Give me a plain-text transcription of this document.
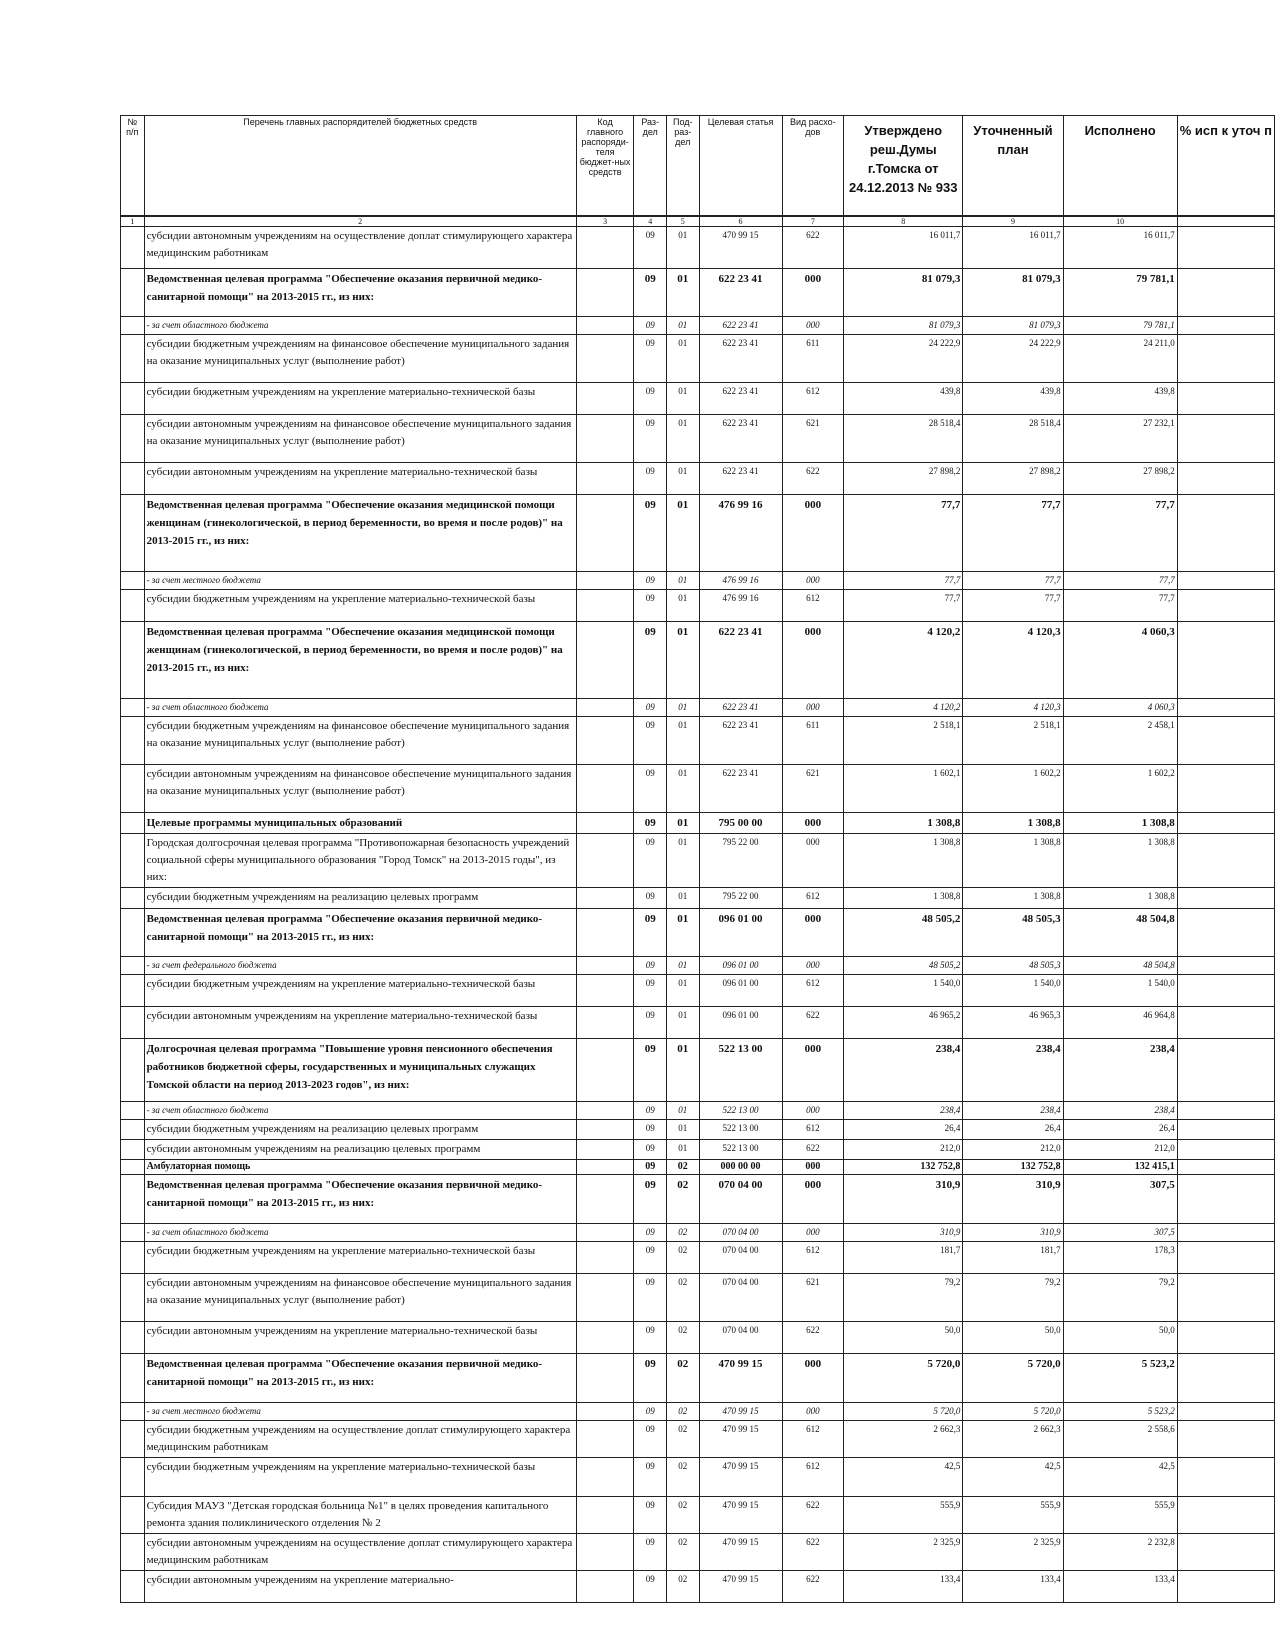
№ п/п	Перечень главных распорядителей бюджетных средств	Код главного распоряди-теля бюджет-ных средств	Раз-дел	Под-раз-дел	Целевая статья	Вид расхо-дов	Утверждено реш.Думы г.Томска от 24.12.2013 № 933	Уточненный план	Исполнено	% исп к уточ п
1	2	3	4	5	6	7	8	9	10	
	субсидии автономным учреждениям на осуществление доплат стимулирующего характера медицинским работникам		09	01	470 99 15	622	16 011,7	16 011,7	16 011,7	
	Ведомственная целевая программа "Обеспечение оказания первичной медико-санитарной помощи" на 2013-2015 гг., из них:		09	01	622 23 41	000	81 079,3	81 079,3	79 781,1	
	- за счет областного бюджета		09	01	622 23 41	000	81 079,3	81 079,3	79 781,1	
	субсидии бюджетным учреждениям на финансовое обеспечение муниципального задания на оказание муниципальных услуг (выполнение работ)		09	01	622 23 41	611	24 222,9	24 222,9	24 211,0	
	субсидии бюджетным учреждениям на укрепление материально-технической базы		09	01	622 23 41	612	439,8	439,8	439,8	
	субсидии автономным учреждениям на финансовое обеспечение муниципального задания на оказание муниципальных услуг (выполнение работ)		09	01	622 23 41	621	28 518,4	28 518,4	27 232,1	
	субсидии автономным учреждениям на укрепление материально-технической базы		09	01	622 23 41	622	27 898,2	27 898,2	27 898,2	
	Ведомственная целевая программа "Обеспечение оказания медицинской помощи женщинам (гинекологической, в период беременности, во время и после родов)" на 2013-2015 гг., из них:		09	01	476 99 16	000	77,7	77,7	77,7	
	- за счет местного бюджета		09	01	476 99 16	000	77,7	77,7	77,7	
	субсидии бюджетным учреждениям на укрепление материально-технической базы		09	01	476 99 16	612	77,7	77,7	77,7	
	Ведомственная целевая программа "Обеспечение оказания медицинской помощи женщинам (гинекологической, в период беременности, во время и после родов)" на 2013-2015 гг., из них:		09	01	622 23 41	000	4 120,2	4 120,3	4 060,3	
	- за счет областного бюджета		09	01	622 23 41	000	4 120,2	4 120,3	4 060,3	
	субсидии бюджетным учреждениям на финансовое обеспечение муниципального задания на оказание муниципальных услуг (выполнение работ)		09	01	622 23 41	611	2 518,1	2 518,1	2 458,1	
	субсидии автономным учреждениям на финансовое обеспечение муниципального задания на оказание муниципальных услуг (выполнение работ)		09	01	622 23 41	621	1 602,1	1 602,2	1 602,2	
	Целевые программы муниципальных образований		09	01	795 00 00	000	1 308,8	1 308,8	1 308,8	
	Городская долгосрочная целевая программа "Противопожарная безопасность учреждений социальной сферы муниципального образования "Город Томск" на 2013-2015 годы", из них:		09	01	795 22 00	000	1 308,8	1 308,8	1 308,8	
	субсидии бюджетным учреждениям на реализацию целевых программ		09	01	795 22 00	612	1 308,8	1 308,8	1 308,8	
	Ведомственная целевая программа "Обеспечение оказания первичной медико-санитарной помощи" на 2013-2015 гг., из них:		09	01	096 01 00	000	48 505,2	48 505,3	48 504,8	
	- за счет федерального бюджета		09	01	096 01 00	000	48 505,2	48 505,3	48 504,8	
	субсидии бюджетным учреждениям на укрепление материально-технической базы		09	01	096 01 00	612	1 540,0	1 540,0	1 540,0	
	субсидии автономным учреждениям на укрепление материально-технической базы		09	01	096 01 00	622	46 965,2	46 965,3	46 964,8	
	Долгосрочная целевая программа "Повышение уровня пенсионного обеспечения работников бюджетной сферы, государственных и муниципальных служащих Томской области на период 2013-2023 годов", из них:		09	01	522 13 00	000	238,4	238,4	238,4	
	- за счет областного бюджета		09	01	522 13 00	000	238,4	238,4	238,4	
	субсидии бюджетным учреждениям на реализацию целевых программ		09	01	522 13 00	612	26,4	26,4	26,4	
	субсидии автономным учреждениям на реализацию целевых программ		09	01	522 13 00	622	212,0	212,0	212,0	
	Амбулаторная помощь		09	02	000 00 00	000	132 752,8	132 752,8	132 415,1	
	Ведомственная целевая программа "Обеспечение оказания первичной медико-санитарной помощи" на 2013-2015 гг., из них:		09	02	070 04 00	000	310,9	310,9	307,5	
	- за счет областного бюджета		09	02	070 04 00	000	310,9	310,9	307,5	
	субсидии бюджетным учреждениям на укрепление материально-технической базы		09	02	070 04 00	612	181,7	181,7	178,3	
	субсидии автономным учреждениям на финансовое обеспечение муниципального задания на оказание муниципальных услуг (выполнение работ)		09	02	070 04 00	621	79,2	79,2	79,2	
	субсидии автономным учреждениям на укрепление материально-технической базы		09	02	070 04 00	622	50,0	50,0	50,0	
	Ведомственная целевая программа "Обеспечение оказания первичной медико-санитарной помощи" на 2013-2015 гг., из них:		09	02	470 99 15	000	5 720,0	5 720,0	5 523,2	
	- за счет местного бюджета		09	02	470 99 15	000	5 720,0	5 720,0	5 523,2	
	субсидии бюджетным учреждениям на осуществление доплат стимулирующего характера медицинским работникам		09	02	470 99 15	612	2 662,3	2 662,3	2 558,6	
	субсидии бюджетным учреждениям на укрепление материально-технической базы		09	02	470 99 15	612	42,5	42,5	42,5	
	Субсидия МАУЗ "Детская городская больница №1" в целях проведения капитального ремонта здания поликлинического отделения № 2		09	02	470 99 15	622	555,9	555,9	555,9	
	субсидии автономным учреждениям на осуществление доплат стимулирующего характера медицинским работникам		09	02	470 99 15	622	2 325,9	2 325,9	2 232,8	
	субсидии автономным учреждениям на укрепление материально-		09	02	470 99 15	622	133,4	133,4	133,4	
